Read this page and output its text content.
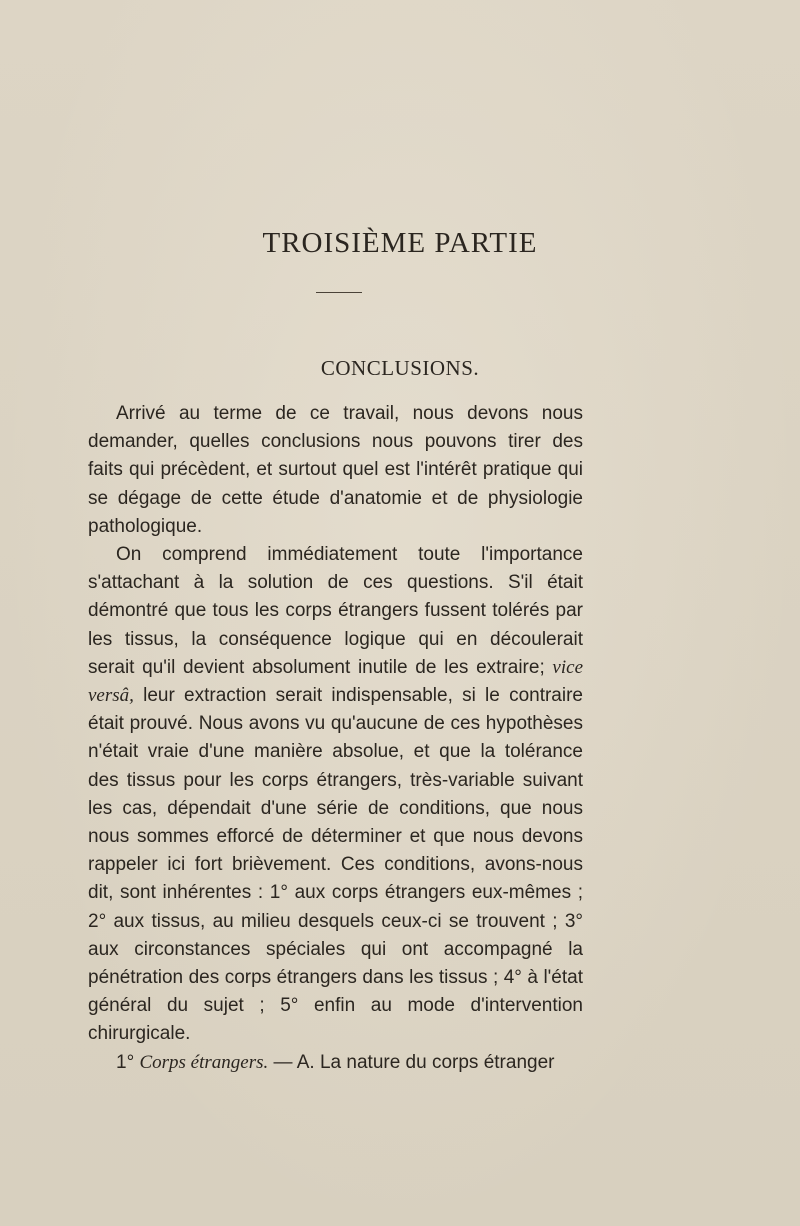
TROISIÈME PARTIE
CONCLUSIONS.

Arrivé au terme de ce travail, nous devons nous demander, quelles conclusions nous pouvons tirer des faits qui précèdent, et surtout quel est l'intérêt pratique qui se dégage de cette étude d'anatomie et de physiologie pathologique.

On comprend immédiatement toute l'importance s'attachant à la solution de ces questions. S'il était démontré que tous les corps étrangers fussent tolérés par les tissus, la conséquence logique qui en découlerait serait qu'il devient absolument inutile de les extraire; vice versâ, leur extraction serait indispensable, si le contraire était prouvé. Nous avons vu qu'aucune de ces hypothèses n'était vraie d'une manière absolue, et que la tolérance des tissus pour les corps étrangers, très-variable suivant les cas, dépendait d'une série de conditions, que nous nous sommes efforcé de déterminer et que nous devons rappeler ici fort brièvement. Ces conditions, avons-nous dit, sont inhérentes : 1° aux corps étrangers eux-mêmes ; 2° aux tissus, au milieu desquels ceux-ci se trouvent ; 3° aux circonstances spéciales qui ont accompagné la pénétration des corps étrangers dans les tissus ; 4° à l'état général du sujet ; 5° enfin au mode d'intervention chirurgicale.

1° Corps étrangers. — A. La nature du corps étranger
